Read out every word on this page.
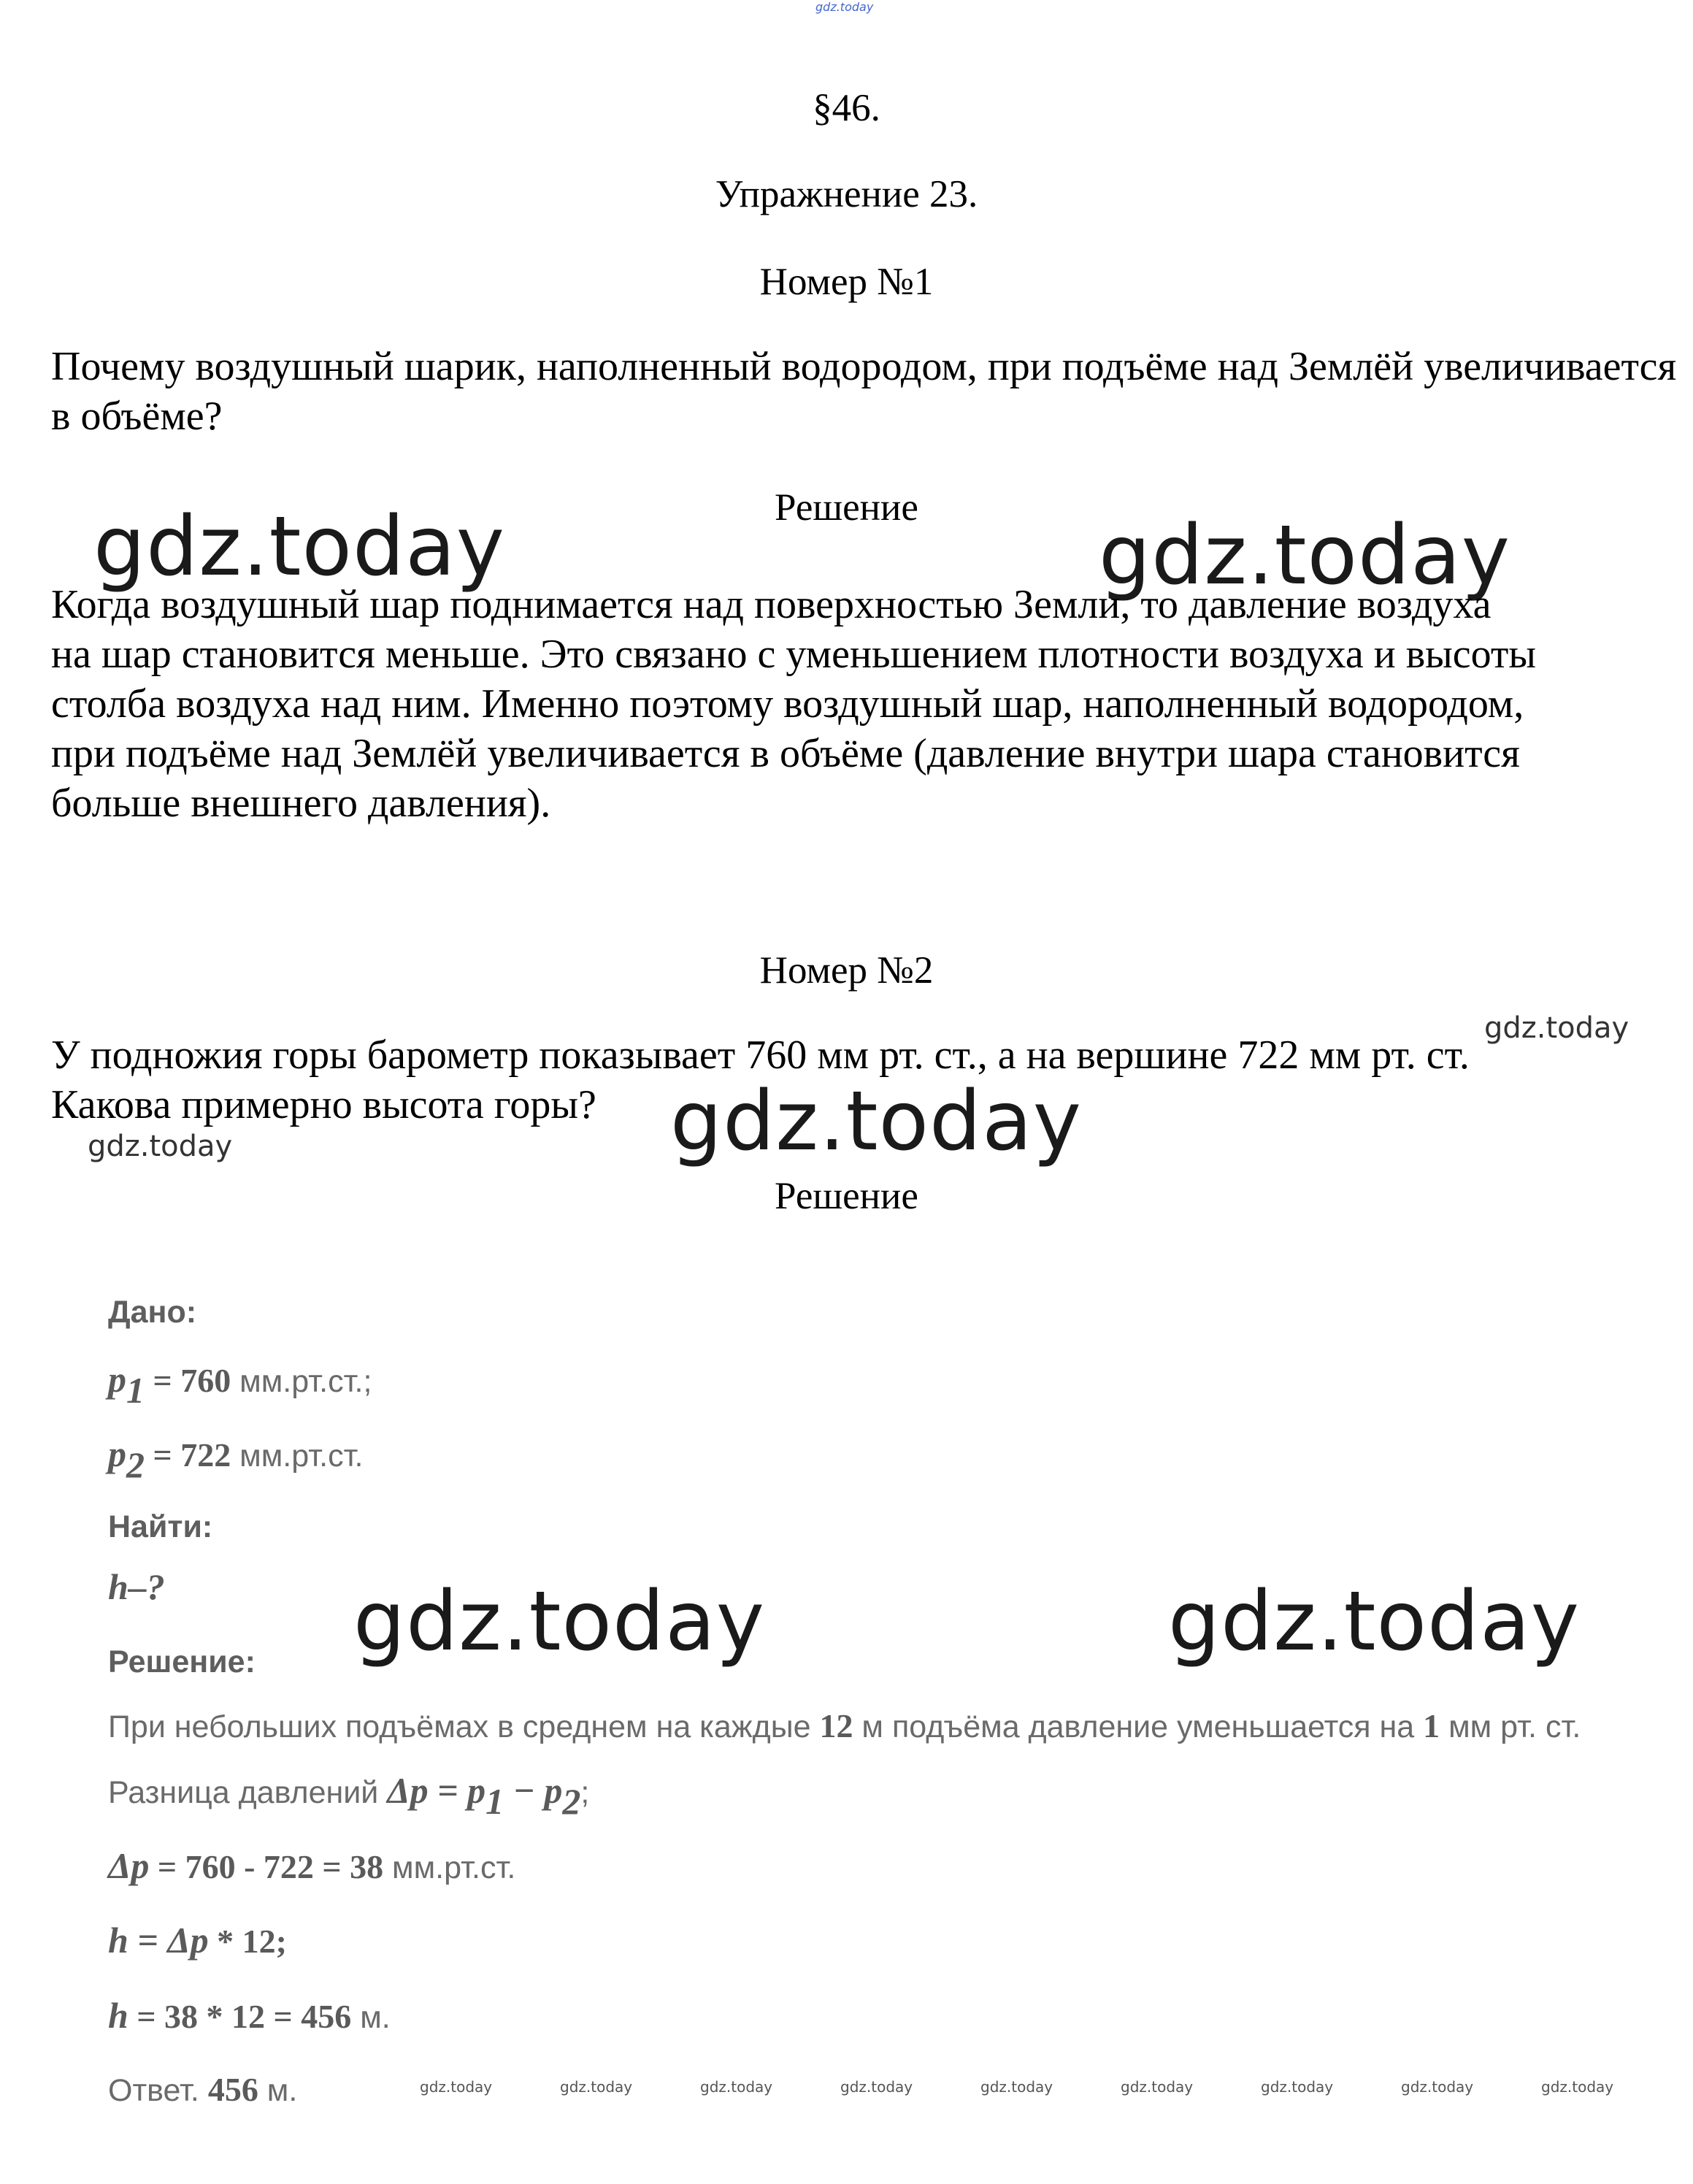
gdz.today
§46.
Упражнение 23.
Номер №1
Почему воздушный шарик, наполненный водородом, при подъёме над Землёй увеличивается в объёме?
Решение
gdz.today	gdz.today
Когда воздушный шар поднимается над поверхностью Земли, то давление воздуха
на шар становится меньше. Это связано с уменьшением плотности воздуха и высоты
столба воздуха над ним. Именно поэтому воздушный шар, наполненный водородом,
при подъёме над Землёй увеличивается в объёме (давление внутри шара становится
больше внешнего давления).
Номер №2
gdz.today
У подножия горы барометр показывает 760 мм рт. ст., а на вершине 722 мм рт. ст.
Какова примерно высота горы? gdz.today
gdz.today
Решение
Дано:
$p_1 = 760$ мм.рт.ст.;
$p_2 = 722$ мм.рт.ст.
Найти:
h–?
Решение: gdz.today	gdz.today
При небольших подъёмах в среднем на каждые 12 м подъёма давление уменьшается на 1 мм рт. ст.
Разница давлений $\Delta p = p_1 - p_2$;
Δp = 760 - 722 = 38 мм.рт.ст.
h = Δp * 12;
h = 38 * 12 = 456 м.
Ответ. 456 м.	gdz.today	gdz.today	gdz.today	gdz.today	gdz.today	gdz.today	gdz.today	gdz.today	gdz.today
